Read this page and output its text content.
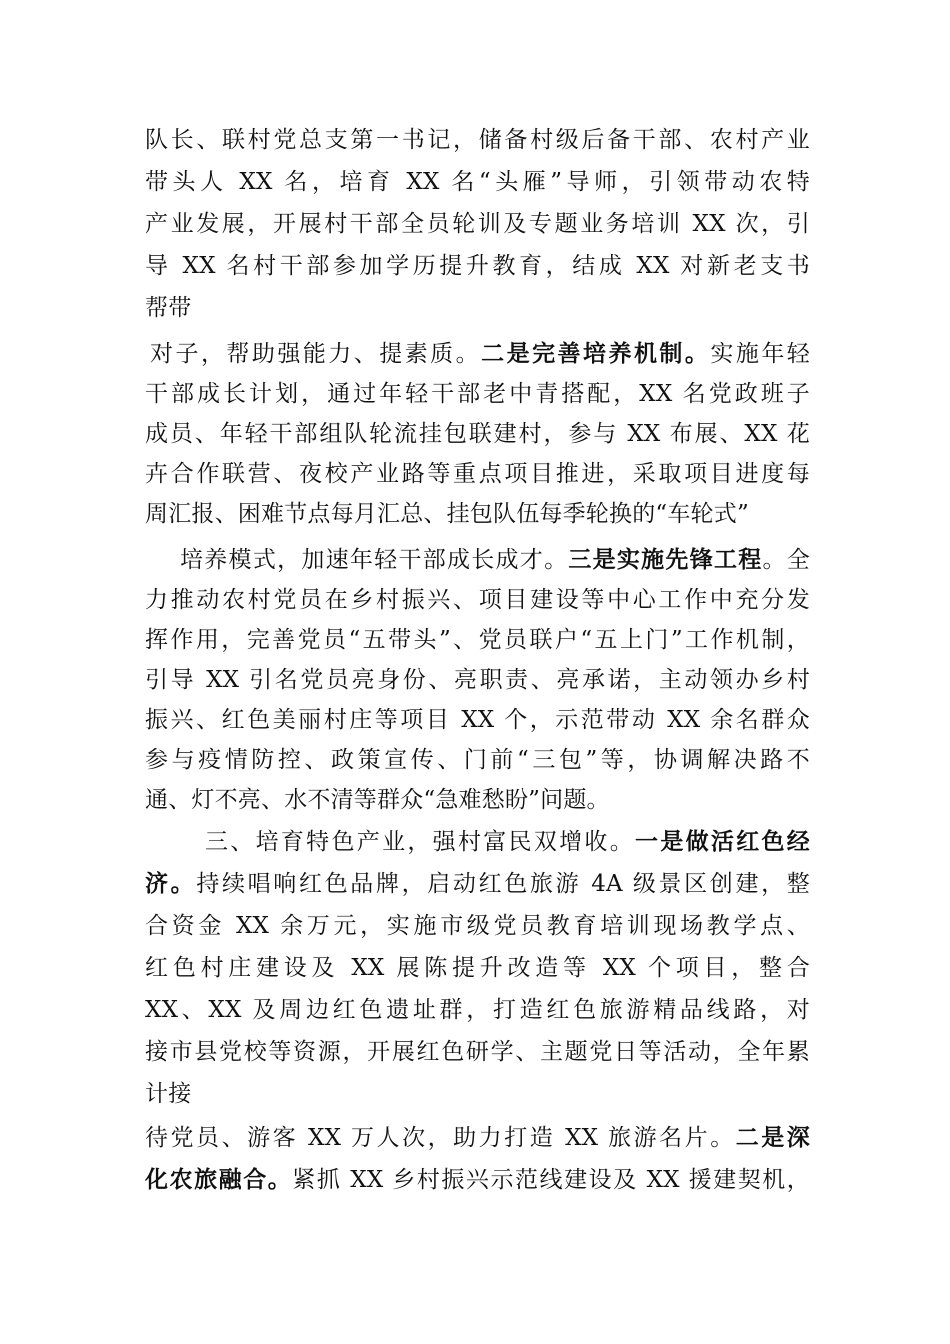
队长、联村党总支第一书记，储备村级后备干部、农村产业
带头人 XX 名，培育 XX 名“头雁”导师，引领带动农特
产业发展，开展村干部全员轮训及专题业务培训 XX 次，引
导 XX 名村干部参加学历提升教育，结成 XX 对新老支书
帮带
对子，帮助强能力、提素质。二是完善培养机制。实施年轻
干部成长计划，通过年轻干部老中青搭配，XX 名党政班子
成员、年轻干部组队轮流挂包联建村，参与 XX 布展、XX 花
卉合作联营、夜校产业路等重点项目推进，采取项目进度每
周汇报、困难节点每月汇总、挂包队伍每季轮换的“车轮式”
培养模式，加速年轻干部成长成才。三是实施先锋工程。全
力推动农村党员在乡村振兴、项目建设等中心工作中充分发
挥作用，完善党员“五带头”、党员联户“五上门”工作机制，
引导 XX 引名党员亮身份、亮职责、亮承诺，主动领办乡村
振兴、红色美丽村庄等项目 XX 个，示范带动 XX 余名群众
参与疫情防控、政策宣传、门前“三包”等，协调解决路不
通、灯不亮、水不清等群众“急难愁盼”问题。
三、培育特色产业，强村富民双增收。一是做活红色经
济。持续唱响红色品牌，启动红色旅游 4A 级景区创建，整
合资金 XX 余万元，实施市级党员教育培训现场教学点、
红色村庄建设及 XX 展陈提升改造等 XX 个项目，整合
XX、XX 及周边红色遗址群，打造红色旅游精品线路，对
接市县党校等资源，开展红色研学、主题党日等活动，全年累
计接
待党员、游客 XX 万人次，助力打造 XX 旅游名片。二是深
化农旅融合。紧抓 XX 乡村振兴示范线建设及 XX 援建契机，
